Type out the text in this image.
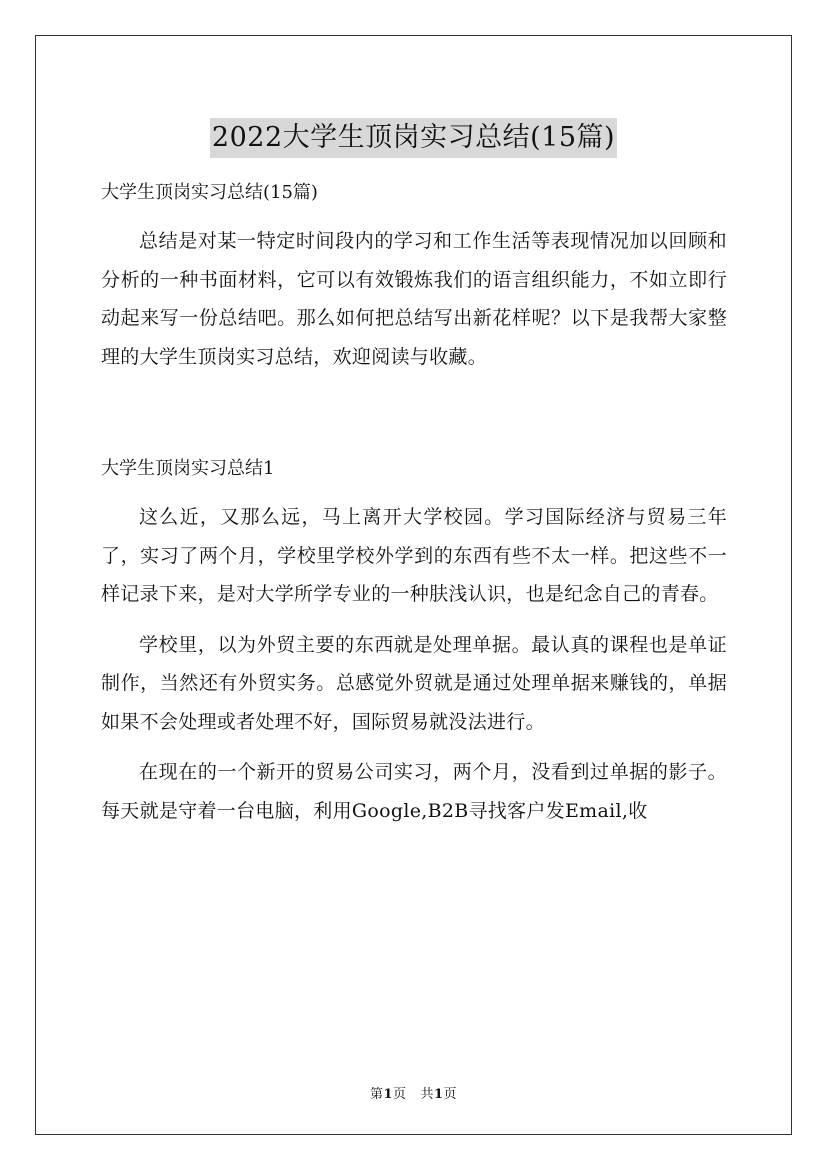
2022大学生顶岗实习总结(15篇)

大学生顶岗实习总结(15篇)

总结是对某一特定时间段内的学习和工作生活等表现情况加以回顾和分析的一种书面材料，它可以有效锻炼我们的语言组织能力，不如立即行动起来写一份总结吧。那么如何把总结写出新花样呢？以下是我帮大家整理的大学生顶岗实习总结，欢迎阅读与收藏。

大学生顶岗实习总结1

这么近，又那么远，马上离开大学校园。学习国际经济与贸易三年了，实习了两个月，学校里学校外学到的东西有些不太一样。把这些不一样记录下来，是对大学所学专业的一种肤浅认识，也是纪念自己的青春。

学校里，以为外贸主要的东西就是处理单据。最认真的课程也是单证制作，当然还有外贸实务。总感觉外贸就是通过处理单据来赚钱的，单据如果不会处理或者处理不好，国际贸易就没法进行。

在现在的一个新开的贸易公司实习，两个月，没看到过单据的影子。每天就是守着一台电脑，利用Google,B2B寻找客户发Email,收

第1页 共1页
